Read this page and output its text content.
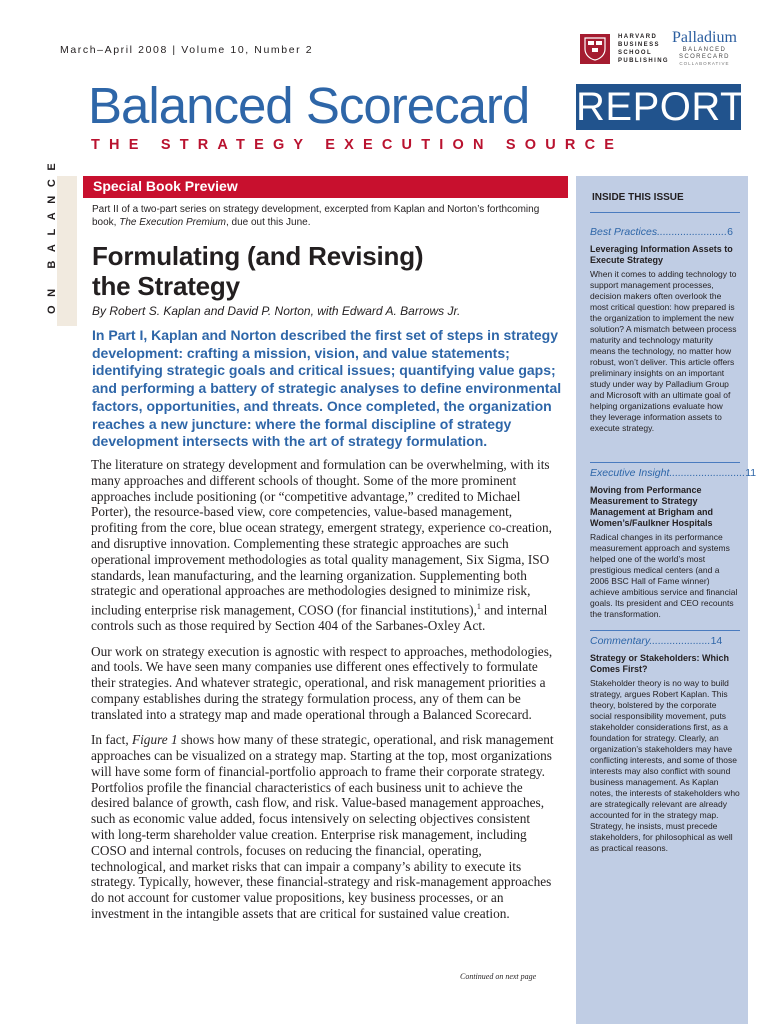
March–April 2008 | Volume 10, Number 2
HARVARD
BUSINESS
SCHOOL
PUBLISHING
Palladium
BALANCED
SCORECARD
COLLABORATIVE
Balanced Scorecard REPORT
THE STRATEGY EXECUTION SOURCE
ON BALANCE	Special Book Preview
Part II of a two-part series on strategy development, excerpted from Kaplan and Norton’s forthcoming book, The Execution Premium, due out this June.
Formulating (and Revising)
the Strategy
By Robert S. Kaplan and David P. Norton, with Edward A. Barrows Jr.
In Part I, Kaplan and Norton described the first set of steps in strategy development: crafting a mission, vision, and value statements; identifying strategic goals and critical issues; quantifying value gaps; and performing a battery of strategic analyses to define environmental factors, opportunities, and threats. Once completed, the organization reaches a new juncture: where the formal discipline of strategy development intersects with the art of strategy formulation.

The literature on strategy development and formulation can be overwhelming, with its many approaches and different schools of thought. Some of the more prominent approaches include positioning (or “competitive advantage,” credited to Michael Porter), the resource-based view, core competencies, value-based management, profiting from the core, blue ocean strategy, emergent strategy, experience co-creation, and disruptive innovation. Complementing these strategic approaches are such operational improvement methodologies as total quality management, Six Sigma, ISO standards, lean manufacturing, and the learning organization. Supplementing both strategic and operational approaches are methodologies designed to minimize risk, including enterprise risk management, COSO (for financial institutions),$^1$ and internal controls such as those required by Section 404 of the Sarbanes-Oxley Act.

Our work on strategy execution is agnostic with respect to approaches, methodologies, and tools. We have seen many companies use different ones effectively to formulate their strategies. And whatever strategic, operational, and risk management priorities a company establishes during the strategy formulation process, any of them can be translated into a strategy map and made operational through a Balanced Scorecard.

In fact, Figure 1 shows how many of these strategic, operational, and risk management approaches can be visualized on a strategy map. Starting at the top, most organizations will have some form of financial-portfolio approach to frame their corporate strategy. Portfolios profile the financial characteristics of each business unit to achieve the desired balance of growth, cash flow, and risk. Value-based management approaches, such as economic value added, focus intensively on selecting objectives consistent with long-term shareholder value creation. Enterprise risk management, including COSO and internal controls, focuses on reducing the financial, operating, technological, and market risks that can impair a company’s ability to execute its strategy. Typically, however, these financial-strategy and risk-management approaches do not account for customer value propositions, key business processes, or an investment in the intangible assets that are critical for sustained value creation.

Continued on next page
INSIDE THIS ISSUE
Best Practices........................6
Leveraging Information Assets to Execute Strategy
When it comes to adding technology to support management processes, decision makers often overlook the most critical question: how prepared is the organization to implement the new solution? A mismatch between process maturity and technology maturity means the technology, no matter how robust, won’t deliver. This article offers preliminary insights on an important study under way by Palladium Group and Microsoft with an ultimate goal of helping organizations evaluate how they leverage information assets to execute strategy.
Executive Insight..........................11
Moving from Performance Measurement to Strategy Management at Brigham and Women’s/Faulkner Hospitals
Radical changes in its performance measurement approach and systems helped one of the world’s most prestigious medical centers (and a 2006 BSC Hall of Fame winner) achieve ambitious service and financial goals. Its president and CEO recounts the transformation.
Commentary.....................14
Strategy or Stakeholders: Which Comes First?
Stakeholder theory is no way to build strategy, argues Robert Kaplan. This theory, bolstered by the corporate social responsibility movement, puts stakeholder considerations first, as a foundation for strategy. Clearly, an organization’s stakeholders may have conflicting interests, and some of those interests may also conflict with sound business management. As Kaplan notes, the interests of stakeholders who are strategically relevant are already accounted for in the strategy map. Strategy, he insists, must precede stakeholders, for philosophical as well as practical reasons.
